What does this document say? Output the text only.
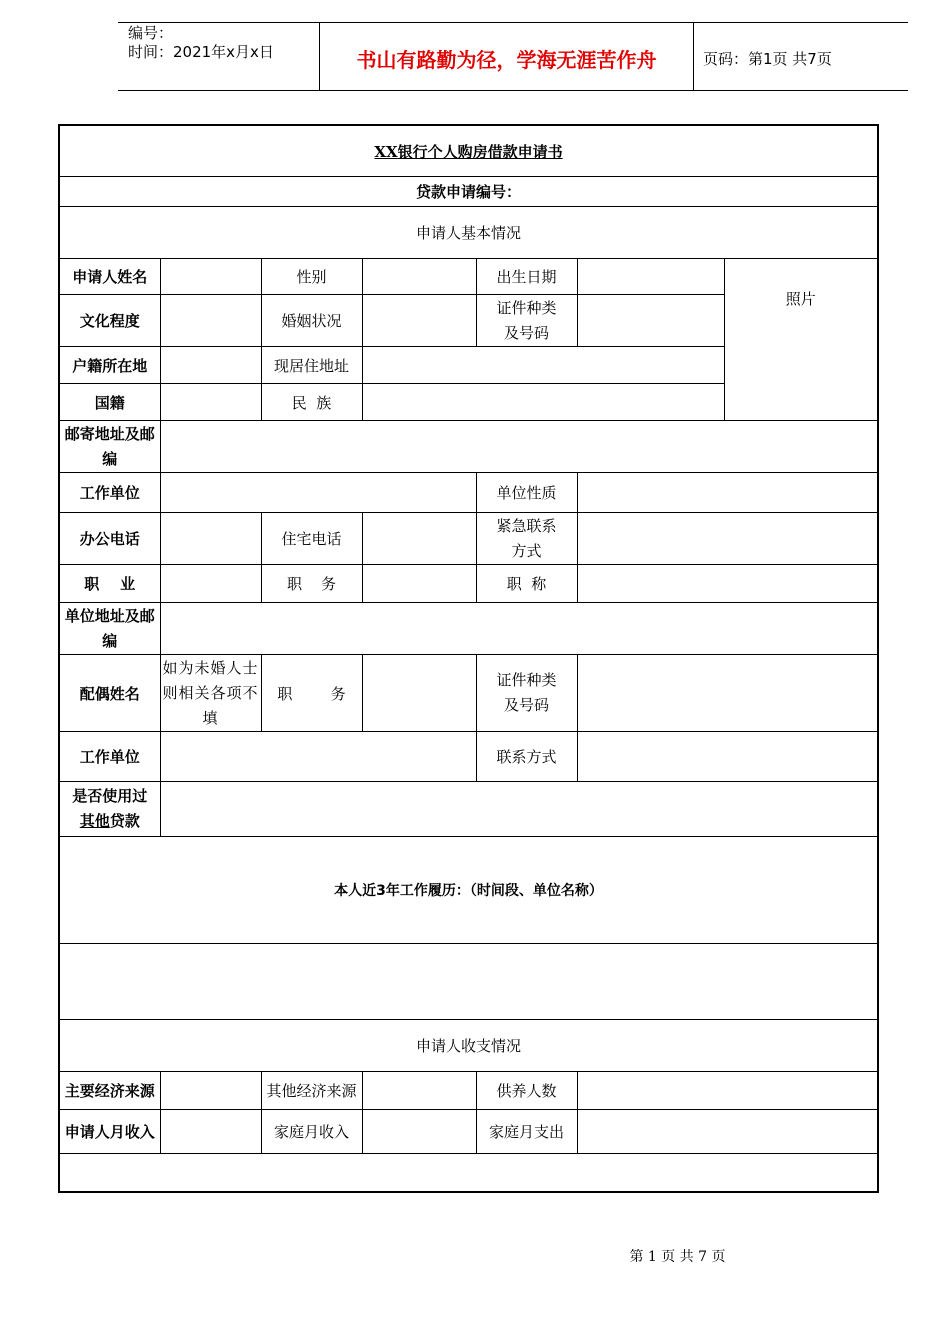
编号：
时间：2021年x月x日	书山有路勤为径，学海无涯苦作舟	页码：第1页 共7页
XX银行个人购房借款申请书						
贷款申请编号：						
申请人基本情况						
申请人姓名		性别		出生日期		照片
文化程度		婚姻状况		证件种类
及号码		

户籍所在地		现居住地址				
国籍		民  族				

邮寄地址及邮
编						

工作单位				单位性质		
办公电话		住宅电话		紧急联系
方式		

职    业		职    务		职  称		

单位地址及邮
编						

配偶姓名	如为未婚人士则相关各项不填	职        务		证件种类
及号码		

工作单位				联系方式		

是否使用过
其他贷款						

本人近3年工作履历：（时间段、单位名称）						

申请人收支情况						
主要经济来源		其他经济来源		供养人数		
申请人月收入		家庭月收入		家庭月支出		

第 1 页 共 7 页
